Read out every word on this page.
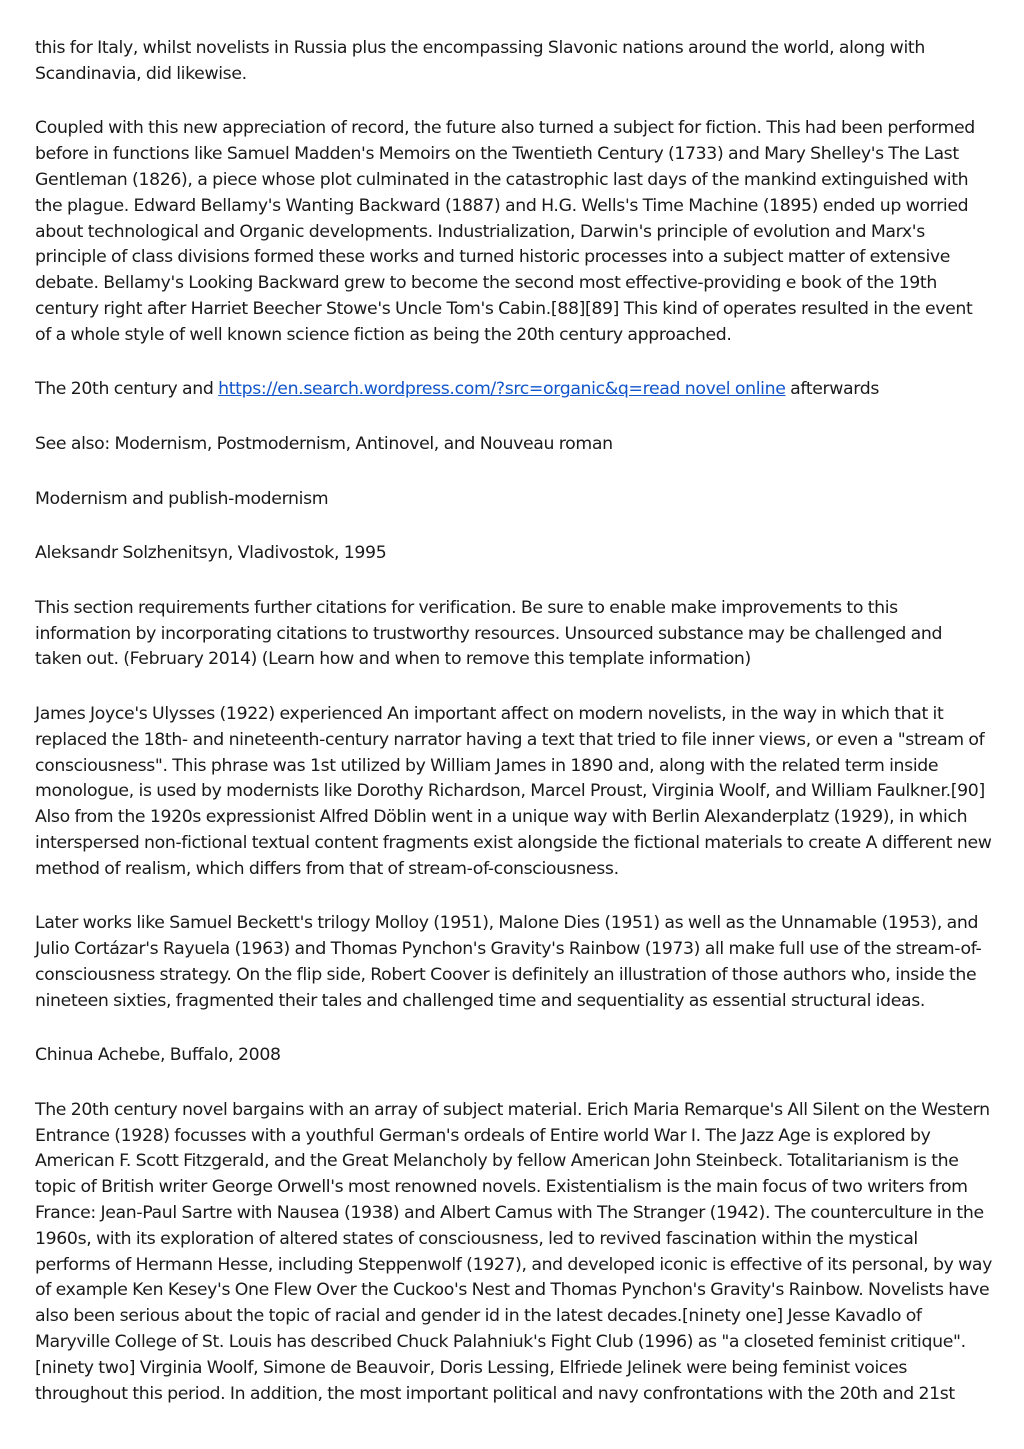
this for Italy, whilst novelists in Russia plus the encompassing Slavonic nations around the world, along with Scandinavia, did likewise.

Coupled with this new appreciation of record, the future also turned a subject for fiction. This had been performed before in functions like Samuel Madden's Memoirs on the Twentieth Century (1733) and Mary Shelley's The Last Gentleman (1826), a piece whose plot culminated in the catastrophic last days of the mankind extinguished with the plague. Edward Bellamy's Wanting Backward (1887) and H.G. Wells's Time Machine (1895) ended up worried about technological and Organic developments. Industrialization, Darwin's principle of evolution and Marx's principle of class divisions formed these works and turned historic processes into a subject matter of extensive debate. Bellamy's Looking Backward grew to become the second most effective-providing e book of the 19th century right after Harriet Beecher Stowe's Uncle Tom's Cabin.[88][89] This kind of operates resulted in the event of a whole style of well known science fiction as being the 20th century approached.

The 20th century and https://en.search.wordpress.com/?src=organic&q=read novel online afterwards

See also: Modernism, Postmodernism, Antinovel, and Nouveau roman

Modernism and publish-modernism

Aleksandr Solzhenitsyn, Vladivostok, 1995

This section requirements further citations for verification. Be sure to enable make improvements to this information by incorporating citations to trustworthy resources. Unsourced substance may be challenged and taken out. (February 2014) (Learn how and when to remove this template information)

James Joyce's Ulysses (1922) experienced An important affect on modern novelists, in the way in which that it replaced the 18th- and nineteenth-century narrator having a text that tried to file inner views, or even a "stream of consciousness". This phrase was 1st utilized by William James in 1890 and, along with the related term inside monologue, is used by modernists like Dorothy Richardson, Marcel Proust, Virginia Woolf, and William Faulkner.[90] Also from the 1920s expressionist Alfred Döblin went in a unique way with Berlin Alexanderplatz (1929), in which interspersed non-fictional textual content fragments exist alongside the fictional materials to create A different new method of realism, which differs from that of stream-of-consciousness.

Later works like Samuel Beckett's trilogy Molloy (1951), Malone Dies (1951) as well as the Unnamable (1953), and Julio Cortázar's Rayuela (1963) and Thomas Pynchon's Gravity's Rainbow (1973) all make full use of the stream-of-consciousness strategy. On the flip side, Robert Coover is definitely an illustration of those authors who, inside the nineteen sixties, fragmented their tales and challenged time and sequentiality as essential structural ideas.

Chinua Achebe, Buffalo, 2008

The 20th century novel bargains with an array of subject material. Erich Maria Remarque's All Silent on the Western Entrance (1928) focusses with a youthful German's ordeals of Entire world War I. The Jazz Age is explored by American F. Scott Fitzgerald, and the Great Melancholy by fellow American John Steinbeck. Totalitarianism is the topic of British writer George Orwell's most renowned novels. Existentialism is the main focus of two writers from France: Jean-Paul Sartre with Nausea (1938) and Albert Camus with The Stranger (1942). The counterculture in the 1960s, with its exploration of altered states of consciousness, led to revived fascination within the mystical performs of Hermann Hesse, including Steppenwolf (1927), and developed iconic is effective of its personal, by way of example Ken Kesey's One Flew Over the Cuckoo's Nest and Thomas Pynchon's Gravity's Rainbow. Novelists have also been serious about the topic of racial and gender id in the latest decades.[ninety one] Jesse Kavadlo of Maryville College of St. Louis has described Chuck Palahniuk's Fight Club (1996) as "a closeted feminist critique".[ninety two] Virginia Woolf, Simone de Beauvoir, Doris Lessing, Elfriede Jelinek were being feminist voices throughout this period. In addition, the most important political and navy confrontations with the 20th and 21st
